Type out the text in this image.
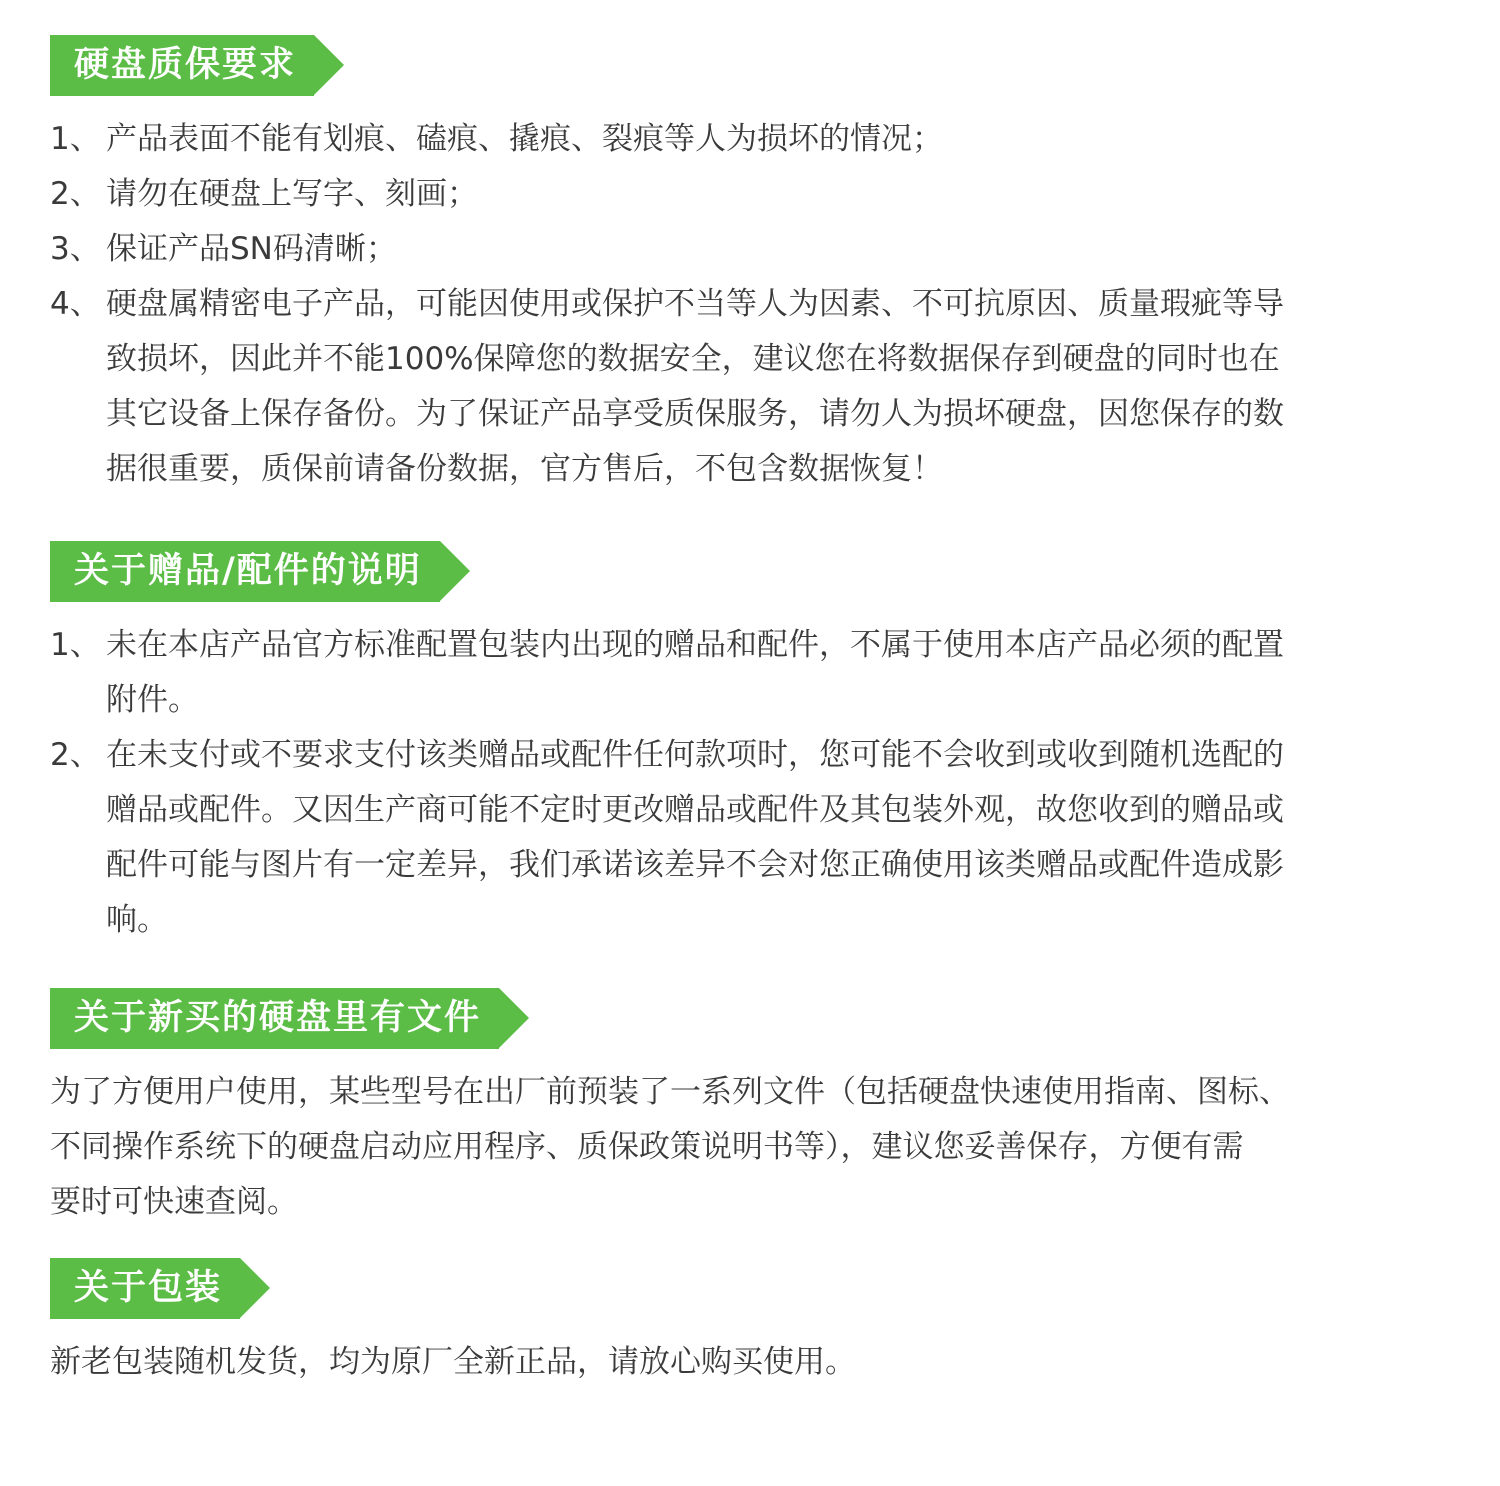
硬盘质保要求
1、 产品表面不能有划痕、磕痕、撬痕、裂痕等人为损坏的情况；
2、 请勿在硬盘上写字、刻画；
3、 保证产品SN码清晰；
4、 硬盘属精密电子产品，可能因使用或保护不当等人为因素、不可抗原因、质量瑕疵等导
致损坏，因此并不能100%保障您的数据安全，建议您在将数据保存到硬盘的同时也在
其它设备上保存备份。为了保证产品享受质保服务，请勿人为损坏硬盘，因您保存的数
据很重要，质保前请备份数据，官方售后，不包含数据恢复！
关于赠品/配件的说明
1、 未在本店产品官方标准配置包装内出现的赠品和配件，不属于使用本店产品必须的配置
附件。
2、 在未支付或不要求支付该类赠品或配件任何款项时，您可能不会收到或收到随机选配的
赠品或配件。又因生产商可能不定时更改赠品或配件及其包装外观，故您收到的赠品或
配件可能与图片有一定差异，我们承诺该差异不会对您正确使用该类赠品或配件造成影
响。
关于新买的硬盘里有文件
为了方便用户使用，某些型号在出厂前预装了一系列文件（包括硬盘快速使用指南、图标、
不同操作系统下的硬盘启动应用程序、质保政策说明书等），建议您妥善保存，方便有需
要时可快速查阅。
关于包装
新老包装随机发货，均为原厂全新正品，请放心购买使用。
